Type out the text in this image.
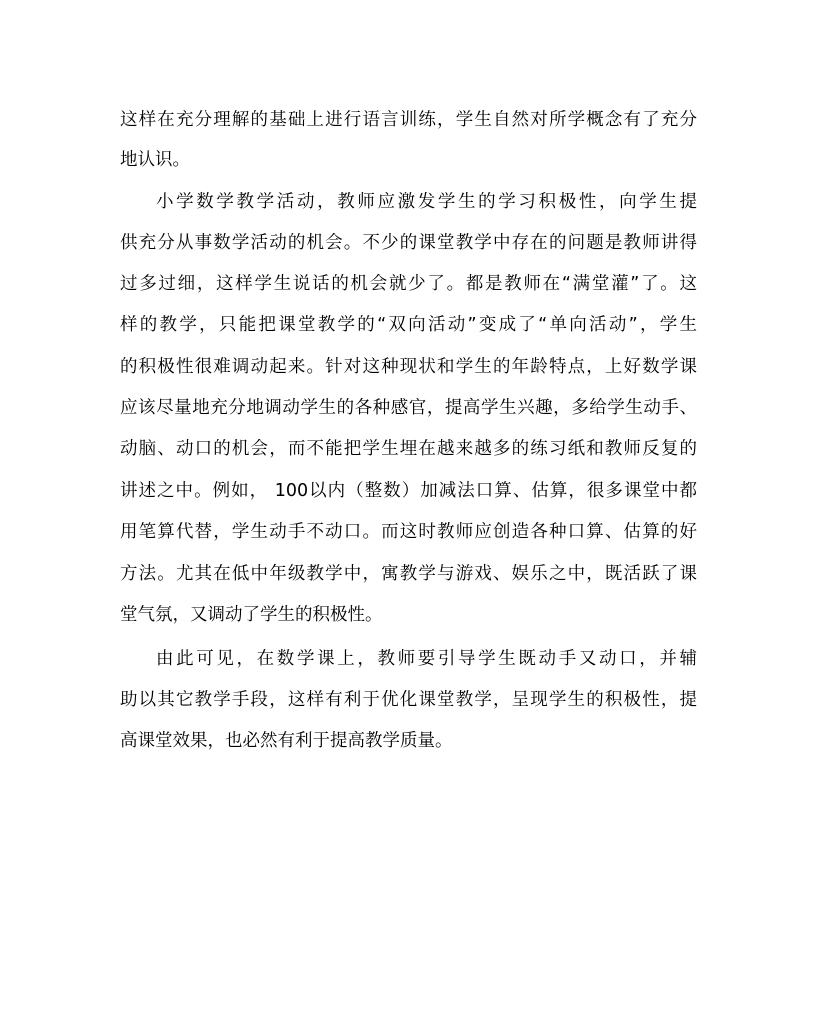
这样在充分理解的基础上进行语言训练，学生自然对所学概念有了充分
地认识。
小学数学教学活动，教师应激发学生的学习积极性，向学生提
供充分从事数学活动的机会。不少的课堂教学中存在的问题是教师讲得
过多过细，这样学生说话的机会就少了。都是教师在“满堂灌”了。这
样的教学，只能把课堂教学的“双向活动”变成了“单向活动”，学生
的积极性很难调动起来。针对这种现状和学生的年龄特点，上好数学课
应该尽量地充分地调动学生的各种感官，提高学生兴趣，多给学生动手、
动脑、动口的机会，而不能把学生埋在越来越多的练习纸和教师反复的
讲述之中。例如， 100以内（整数）加减法口算、估算，很多课堂中都
用笔算代替，学生动手不动口。而这时教师应创造各种口算、估算的好
方法。尤其在低中年级教学中，寓教学与游戏、娱乐之中，既活跃了课
堂气氛，又调动了学生的积极性。
由此可见，在数学课上，教师要引导学生既动手又动口，并辅
助以其它教学手段，这样有利于优化课堂教学，呈现学生的积极性，提
高课堂效果，也必然有利于提高教学质量。
